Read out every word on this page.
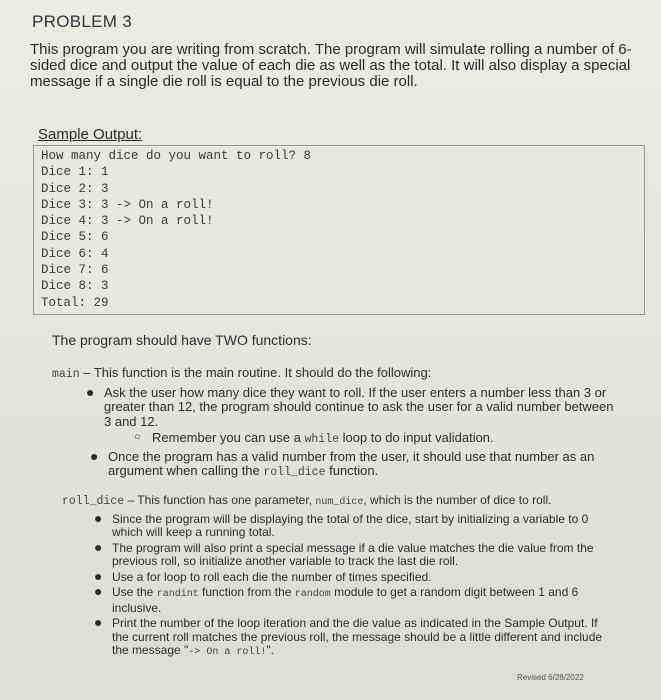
PROBLEM 3
This program you are writing from scratch. The program will simulate rolling a number of 6-sided dice and output the value of each die as well as the total. It will also display a special message if a single die roll is equal to the previous die roll.
Sample Output:
How many dice do you want to roll? 8
Dice 1: 1
Dice 2: 3
Dice 3: 3 -> On a roll!
Dice 4: 3 -> On a roll!
Dice 5: 6
Dice 6: 4
Dice 7: 6
Dice 8: 3
Total: 29
The program should have TWO functions:
main – This function is the main routine. It should do the following:
● Ask the user how many dice they want to roll. If the user enters a number less than 3 or greater than 12, the program should continue to ask the user for a valid number between 3 and 12.
○ Remember you can use a while loop to do input validation.
● Once the program has a valid number from the user, it should use that number as an argument when calling the roll_dice function.
roll_dice – This function has one parameter, num_dice, which is the number of dice to roll.
● Since the program will be displaying the total of the dice, start by initializing a variable to 0 which will keep a running total.
● The program will also print a special message if a die value matches the die value from the previous roll, so initialize another variable to track the last die roll.
● Use a for loop to roll each die the number of times specified.
● Use the randint function from the random module to get a random digit between 1 and 6 inclusive.
● Print the number of the loop iteration and the die value as indicated in the Sample Output. If the current roll matches the previous roll, the message should be a little different and include the message "-> On a roll!".
Revised 6/28/2022
